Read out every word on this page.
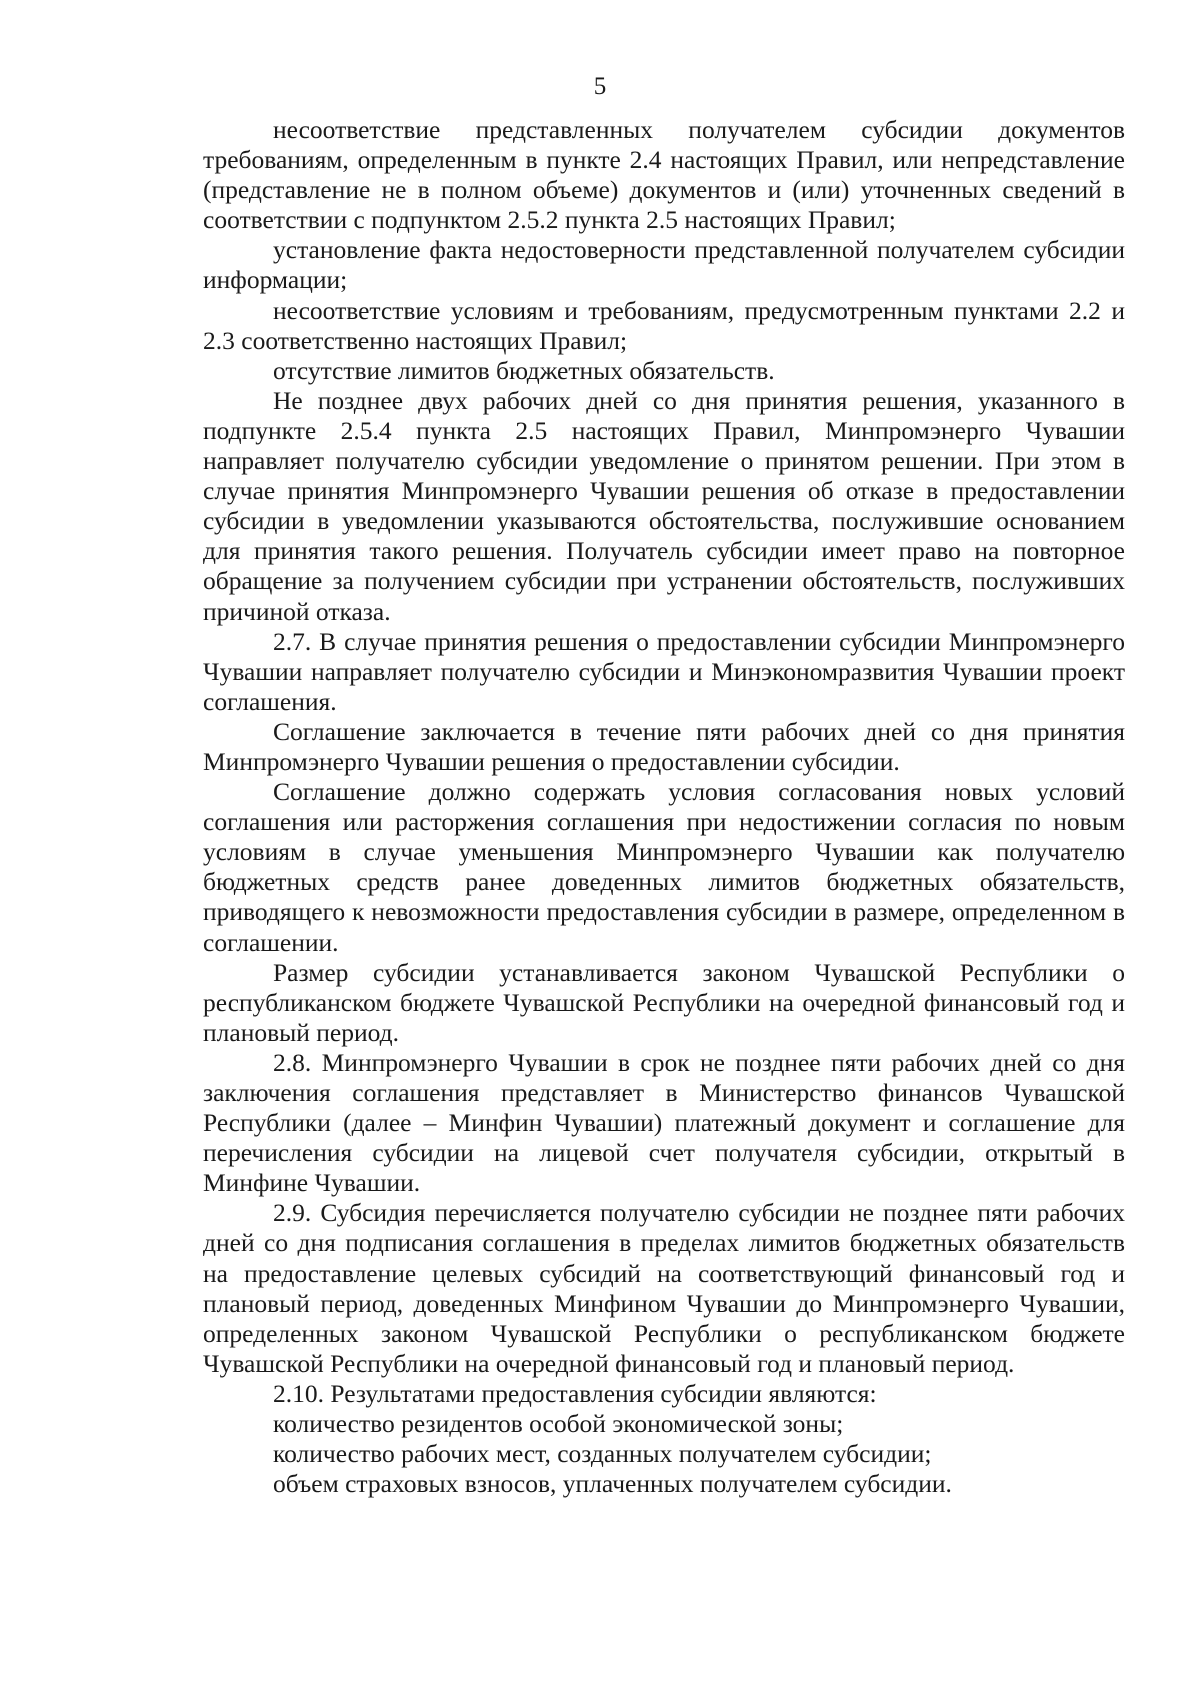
5

несоответствие представленных получателем субсидии документов требованиям, определенным в пункте 2.4 настоящих Правил, или непредставление (представление не в полном объеме) документов и (или) уточненных сведений в соответствии с подпунктом 2.5.2 пункта 2.5 настоящих Правил;

установление факта недостоверности представленной получателем субсидии информации;

несоответствие условиям и требованиям, предусмотренным пунктами 2.2 и 2.3 соответственно настоящих Правил;

отсутствие лимитов бюджетных обязательств.

Не позднее двух рабочих дней со дня принятия решения, указанного в подпункте 2.5.4 пункта 2.5 настоящих Правил, Минпромэнерго Чувашии направляет получателю субсидии уведомление о принятом решении. При этом в случае принятия Минпромэнерго Чувашии решения об отказе в предоставлении субсидии в уведомлении указываются обстоятельства, послужившие основанием для принятия такого решения. Получатель субсидии имеет право на повторное обращение за получением субсидии при устранении обстоятельств, послуживших причиной отказа.

2.7. В случае принятия решения о предоставлении субсидии Минпромэнерго Чувашии направляет получателю субсидии и Минэкономразвития Чувашии проект соглашения.

Соглашение заключается в течение пяти рабочих дней со дня принятия Минпромэнерго Чувашии решения о предоставлении субсидии.

Соглашение должно содержать условия согласования новых условий соглашения или расторжения соглашения при недостижении согласия по новым условиям в случае уменьшения Минпромэнерго Чувашии как получателю бюджетных средств ранее доведенных лимитов бюджетных обязательств, приводящего к невозможности предоставления субсидии в размере, определенном в соглашении.

Размер субсидии устанавливается законом Чувашской Республики о республиканском бюджете Чувашской Республики на очередной финансовый год и плановый период.

2.8. Минпромэнерго Чувашии в срок не позднее пяти рабочих дней со дня заключения соглашения представляет в Министерство финансов Чувашской Республики (далее – Минфин Чувашии) платежный документ и соглашение для перечисления субсидии на лицевой счет получателя субсидии, открытый в Минфине Чувашии.

2.9. Субсидия перечисляется получателю субсидии не позднее пяти рабочих дней со дня подписания соглашения в пределах лимитов бюджетных обязательств на предоставление целевых субсидий на соответствующий финансовый год и плановый период, доведенных Минфином Чувашии до Минпромэнерго Чувашии, определенных законом Чувашской Республики о республиканском бюджете Чувашской Республики на очередной финансовый год и плановый период.

2.10. Результатами предоставления субсидии являются:

количество резидентов особой экономической зоны;

количество рабочих мест, созданных получателем субсидии;

объем страховых взносов, уплаченных получателем субсидии.
